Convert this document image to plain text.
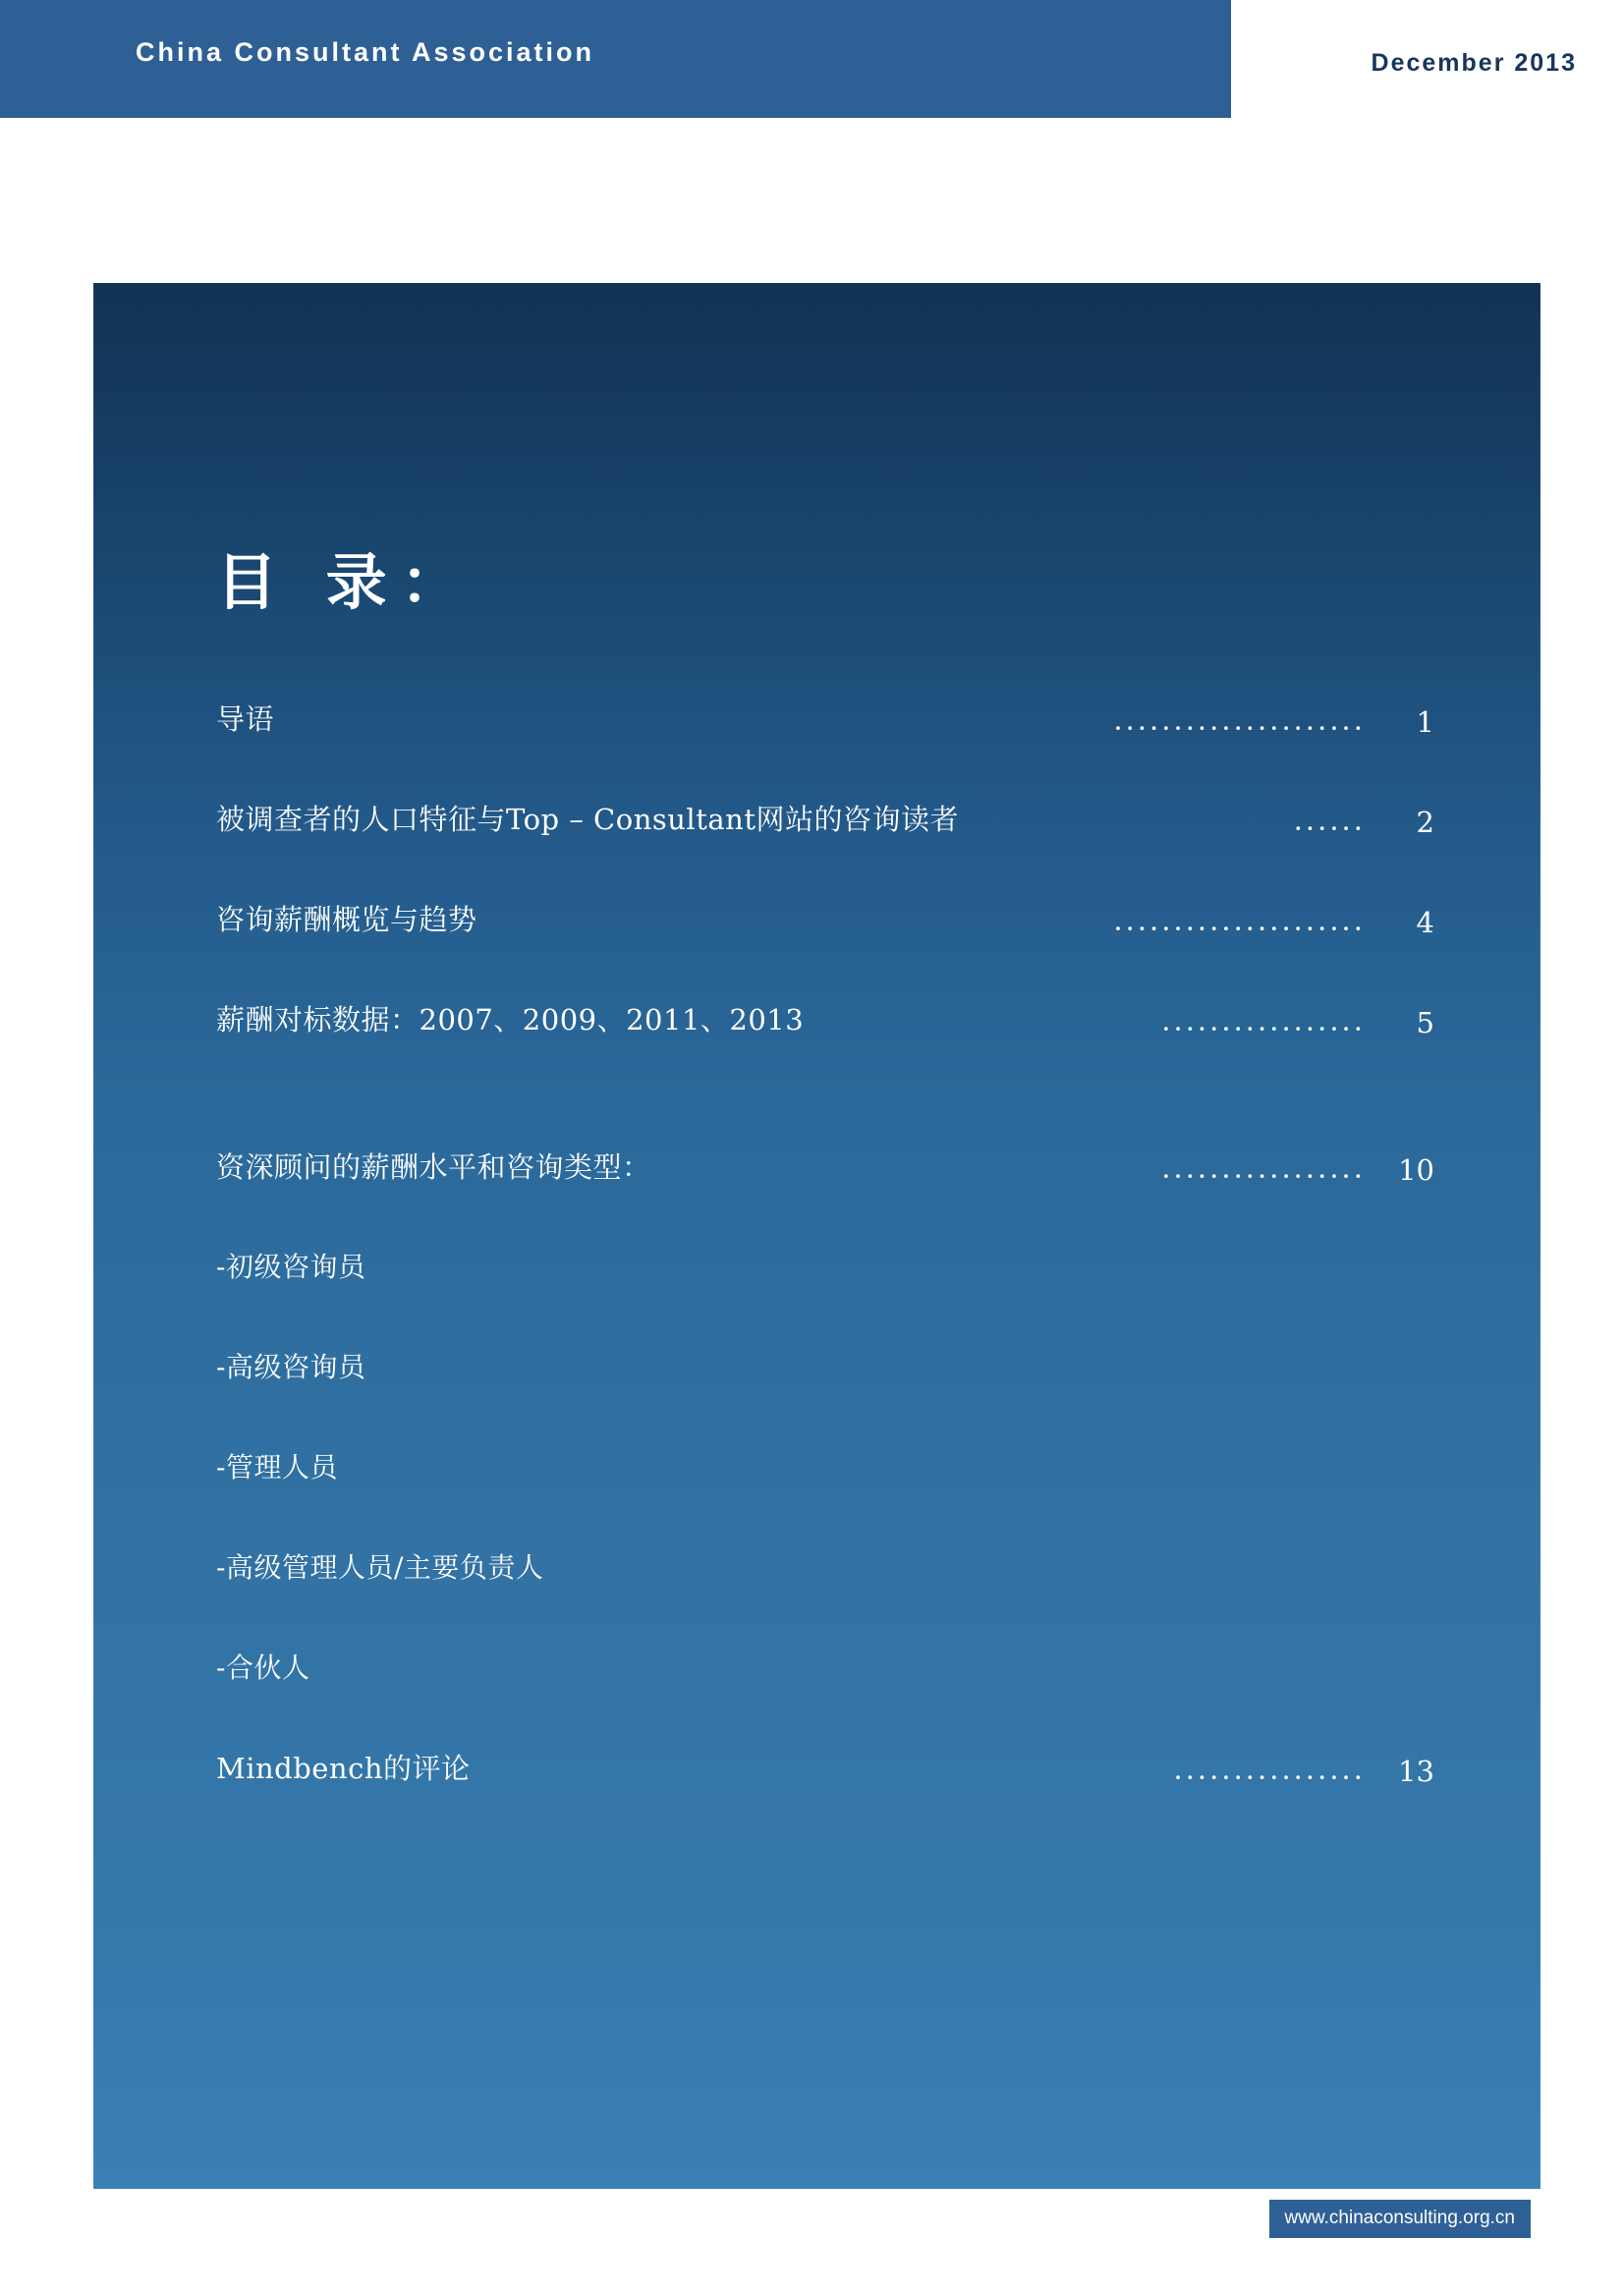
China Consultant Association	December 2013
目 录：
导语	·····················	1
被调查者的人口特征与Top – Consultant网站的咨询读者	······	2
咨询薪酬概览与趋势	·····················	4
薪酬对标数据：2007、2009、2011、2013	·················	5
资深顾问的薪酬水平和咨询类型：	·················	10
-初级咨询员
-高级咨询员
-管理人员
-高级管理人员/主要负责人
-合伙人
Mindbench的评论	················	13
www.chinaconsulting.org.cn
